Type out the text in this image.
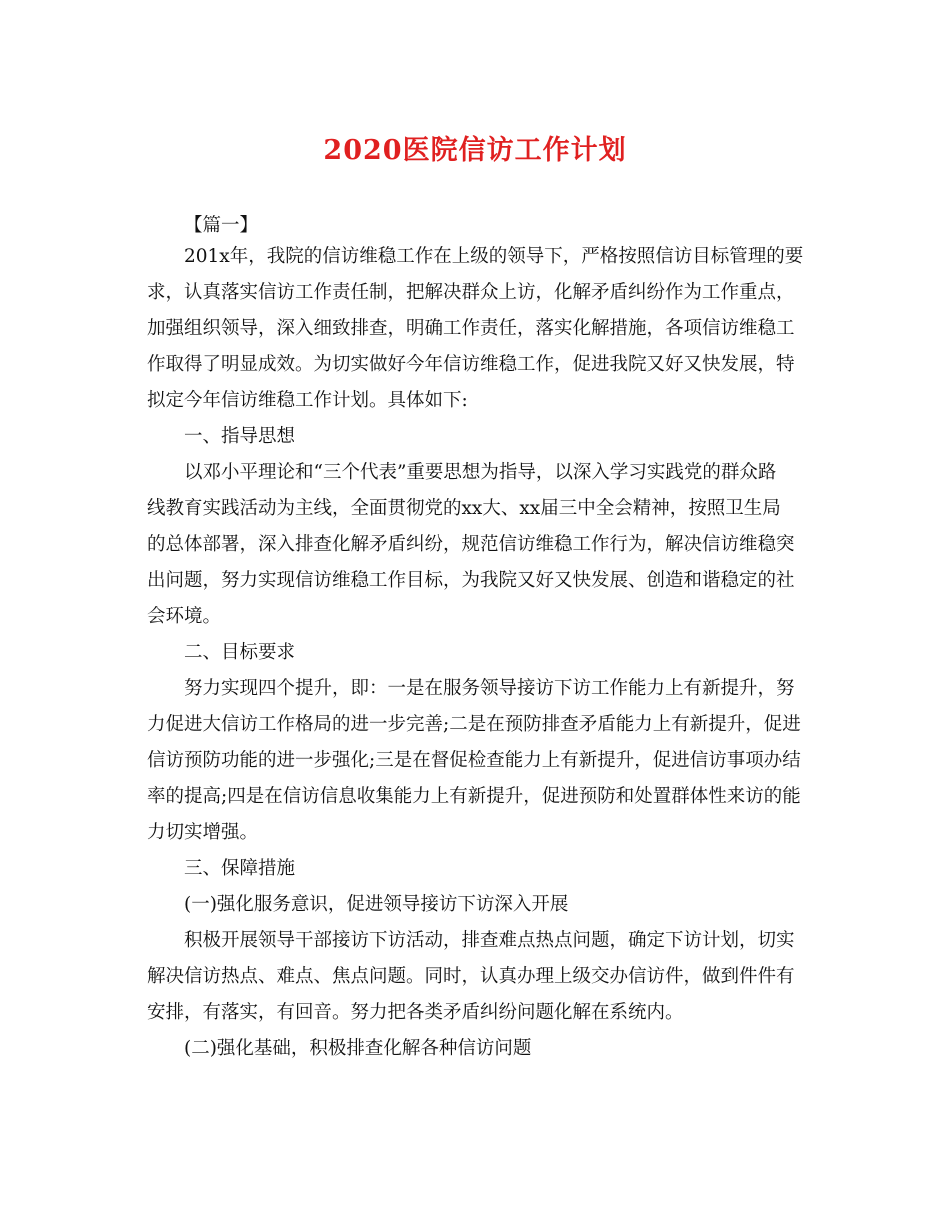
2020医院信访工作计划
【篇一】
201x年，我院的信访维稳工作在上级的领导下，严格按照信访目标管理的要
求，认真落实信访工作责任制，把解决群众上访，化解矛盾纠纷作为工作重点，
加强组织领导，深入细致排查，明确工作责任，落实化解措施，各项信访维稳工
作取得了明显成效。为切实做好今年信访维稳工作，促进我院又好又快发展，特
拟定今年信访维稳工作计划。具体如下:
一、指导思想
以邓小平理论和“三个代表”重要思想为指导，以深入学习实践党的群众路
线教育实践活动为主线，全面贯彻党的xx大、xx届三中全会精神，按照卫生局
的总体部署，深入排查化解矛盾纠纷，规范信访维稳工作行为，解决信访维稳突
出问题，努力实现信访维稳工作目标，为我院又好又快发展、创造和谐稳定的社
会环境。
二、目标要求
努力实现四个提升，即：一是在服务领导接访下访工作能力上有新提升，努
力促进大信访工作格局的进一步完善;二是在预防排查矛盾能力上有新提升，促进
信访预防功能的进一步强化;三是在督促检查能力上有新提升，促进信访事项办结
率的提高;四是在信访信息收集能力上有新提升，促进预防和处置群体性来访的能
力切实增强。
三、保障措施
(一)强化服务意识，促进领导接访下访深入开展
积极开展领导干部接访下访活动，排查难点热点问题，确定下访计划，切实
解决信访热点、难点、焦点问题。同时，认真办理上级交办信访件，做到件件有
安排，有落实，有回音。努力把各类矛盾纠纷问题化解在系统内。
(二)强化基础，积极排查化解各种信访问题
